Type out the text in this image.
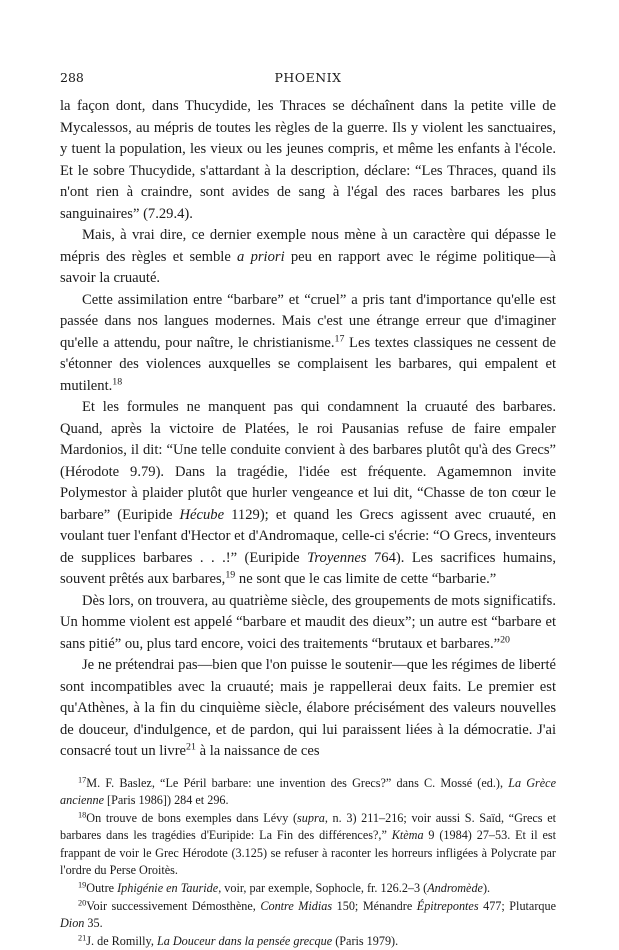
288	PHOENIX

la façon dont, dans Thucydide, les Thraces se déchaînent dans la petite ville de Mycalessos, au mépris de toutes les règles de la guerre. Ils y violent les sanctuaires, y tuent la population, les vieux ou les jeunes compris, et même les enfants à l'école. Et le sobre Thucydide, s'attardant à la description, déclare: “Les Thraces, quand ils n'ont rien à craindre, sont avides de sang à l'égal des races barbares les plus sanguinaires” (7.29.4).

Mais, à vrai dire, ce dernier exemple nous mène à un caractère qui dépasse le mépris des règles et semble a priori peu en rapport avec le régime politique—à savoir la cruauté.

Cette assimilation entre “barbare” et “cruel” a pris tant d'importance qu'elle est passée dans nos langues modernes. Mais c'est une étrange erreur que d'imaginer qu'elle a attendu, pour naître, le christianisme.$^{17}$ Les textes classiques ne cessent de s'étonner des violences auxquelles se complaisent les barbares, qui empalent et mutilent.$^{18}$

Et les formules ne manquent pas qui condamnent la cruauté des barbares. Quand, après la victoire de Platées, le roi Pausanias refuse de faire empaler Mardonios, il dit: “Une telle conduite convient à des barbares plutôt qu'à des Grecs” (Hérodote 9.79). Dans la tragédie, l'idée est fréquente. Agamemnon invite Polymestor à plaider plutôt que hurler vengeance et lui dit, “Chasse de ton cœur le barbare” (Euripide Hécube 1129); et quand les Grecs agissent avec cruauté, en voulant tuer l'enfant d'Hector et d'Andromaque, celle-ci s'écrie: “O Grecs, inventeurs de supplices barbares . . .!” (Euripide Troyennes 764). Les sacrifices humains, souvent prêtés aux barbares,$^{19}$ ne sont que le cas limite de cette “barbarie.”

Dès lors, on trouvera, au quatrième siècle, des groupements de mots significatifs. Un homme violent est appelé “barbare et maudit des dieux”; un autre est “barbare et sans pitié” ou, plus tard encore, voici des traitements “brutaux et barbares.”$^{20}$

Je ne prétendrai pas—bien que l'on puisse le soutenir—que les régimes de liberté sont incompatibles avec la cruauté; mais je rappellerai deux faits. Le premier est qu'Athènes, à la fin du cinquième siècle, élabore précisément des valeurs nouvelles de douceur, d'indulgence, et de pardon, qui lui paraissent liées à la démocratie. J'ai consacré tout un livre$^{21}$ à la naissance de ces

$^{17}$M. F. Baslez, “Le Péril barbare: une invention des Grecs?” dans C. Mossé (ed.), La Grèce ancienne [Paris 1986]) 284 et 296.

$^{18}$On trouve de bons exemples dans Lévy (supra, n. 3) 211–216; voir aussi S. Saïd, “Grecs et barbares dans les tragédies d'Euripide: La Fin des différences?,” Ktèma 9 (1984) 27–53. Et il est frappant de voir le Grec Hérodote (3.125) se refuser à raconter les horreurs infligées à Polycrate par l'ordre du Perse Oroitès.

$^{19}$Outre Iphigénie en Tauride, voir, par exemple, Sophocle, fr. 126.2–3 (Andromède).

$^{20}$Voir successivement Démosthène, Contre Midias 150; Ménandre Épitrepontes 477; Plutarque Dion 35.

$^{21}$J. de Romilly, La Douceur dans la pensée grecque (Paris 1979).
